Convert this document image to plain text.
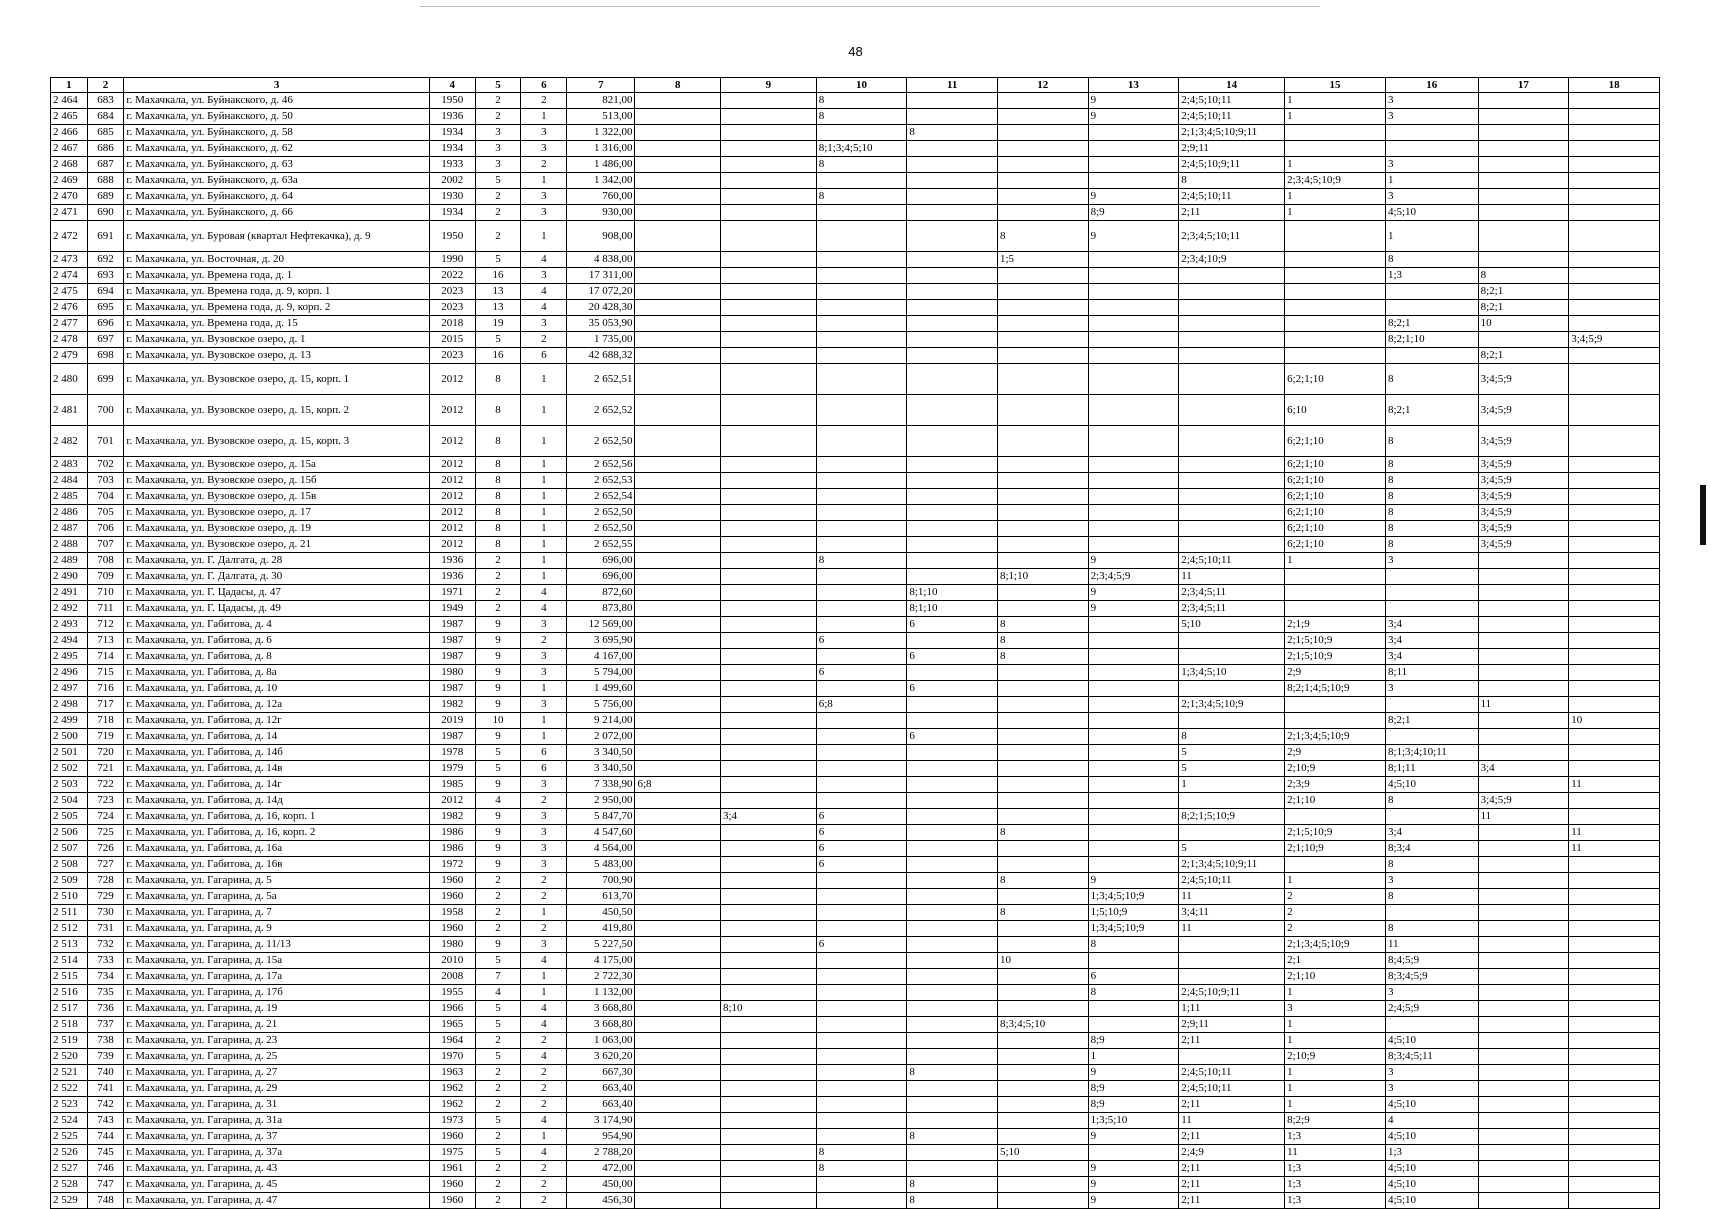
48
1	2	3	4	5	6	7	8	9	10	11	12	13	14	15	16	17	18
2 464	683	г. Махачкала, ул. Буйнакского, д. 46	1950	2	2	821,00			8			9	2;4;5;10;11	1	3		
2 465	684	г. Махачкала, ул. Буйнакского, д. 50	1936	2	1	513,00			8			9	2;4;5;10;11	1	3		
2 466	685	г. Махачкала, ул. Буйнакского, д. 58	1934	3	3	1 322,00				8			2;1;3;4;5;10;9;11				
2 467	686	г. Махачкала, ул. Буйнакского, д. 62	1934	3	3	1 316,00			8;1;3;4;5;10				2;9;11				
2 468	687	г. Махачкала, ул. Буйнакского, д. 63	1933	3	2	1 486,00			8				2;4;5;10;9;11	1	3		
2 469	688	г. Махачкала, ул. Буйнакского, д. 63а	2002	5	1	1 342,00							8	2;3;4;5;10;9	1		
2 470	689	г. Махачкала, ул. Буйнакского, д. 64	1930	2	3	760,00			8			9	2;4;5;10;11	1	3		
2 471	690	г. Махачкала, ул. Буйнакского, д. 66	1934	2	3	930,00						8;9	2;11	1	4;5;10		
2 472	691	г. Махачкала, ул. Буровая (квартал Нефтекачка), д. 9	1950	2	1	908,00					8	9	2;3;4;5;10;11		1		
2 473	692	г. Махачкала, ул. Восточная, д. 20	1990	5	4	4 838,00					1;5		2;3;4;10;9		8		
2 474	693	г. Махачкала, ул. Времена года, д. 1	2022	16	3	17 311,00									1;3	8	
2 475	694	г. Махачкала, ул. Времена года, д. 9, корп. 1	2023	13	4	17 072,20										8;2;1	
2 476	695	г. Махачкала, ул. Времена года, д. 9, корп. 2	2023	13	4	20 428,30										8;2;1	
2 477	696	г. Махачкала, ул. Времена года, д. 15	2018	19	3	35 053,90									8;2;1	10	
2 478	697	г. Махачкала, ул. Вузовское озеро, д. 1	2015	5	2	1 735,00									8;2;1;10		3;4;5;9
2 479	698	г. Махачкала, ул. Вузовское озеро, д. 13	2023	16	6	42 688,32										8;2;1	
2 480	699	г. Махачкала, ул. Вузовское озеро, д. 15, корп. 1	2012	8	1	2 652,51								6;2;1;10	8	3;4;5;9	
2 481	700	г. Махачкала, ул. Вузовское озеро, д. 15, корп. 2	2012	8	1	2 652,52								6;10	8;2;1	3;4;5;9	
2 482	701	г. Махачкала, ул. Вузовское озеро, д. 15, корп. 3	2012	8	1	2 652,50								6;2;1;10	8	3;4;5;9	
2 483	702	г. Махачкала, ул. Вузовское озеро, д. 15а	2012	8	1	2 652,56								6;2;1;10	8	3;4;5;9	
2 484	703	г. Махачкала, ул. Вузовское озеро, д. 15б	2012	8	1	2 652,53								6;2;1;10	8	3;4;5;9	
2 485	704	г. Махачкала, ул. Вузовское озеро, д. 15в	2012	8	1	2 652,54								6;2;1;10	8	3;4;5;9	
2 486	705	г. Махачкала, ул. Вузовское озеро, д. 17	2012	8	1	2 652,50								6;2;1;10	8	3;4;5;9	
2 487	706	г. Махачкала, ул. Вузовское озеро, д. 19	2012	8	1	2 652,50								6;2;1;10	8	3;4;5;9	
2 488	707	г. Махачкала, ул. Вузовское озеро, д. 21	2012	8	1	2 652,55								6;2;1;10	8	3;4;5;9	
2 489	708	г. Махачкала, ул. Г. Далгата, д. 28	1936	2	1	696,00			8			9	2;4;5;10;11	1	3		
2 490	709	г. Махачкала, ул. Г. Далгата, д. 30	1936	2	1	696,00					8;1;10	2;3;4;5;9	11				
2 491	710	г. Махачкала, ул. Г. Цадасы, д. 47	1971	2	4	872,60				8;1;10		9	2;3;4;5;11				
2 492	711	г. Махачкала, ул. Г. Цадасы, д. 49	1949	2	4	873,80				8;1;10		9	2;3;4;5;11				
2 493	712	г. Махачкала, ул. Габитова, д. 4	1987	9	3	12 569,00				6	8		5;10	2;1;9	3;4		
2 494	713	г. Махачкала, ул. Габитова, д. 6	1987	9	2	3 695,90			6		8			2;1;5;10;9	3;4		
2 495	714	г. Махачкала, ул. Габитова, д. 8	1987	9	3	4 167,00				6	8			2;1;5;10;9	3;4		
2 496	715	г. Махачкала, ул. Габитова, д. 8а	1980	9	3	5 794,00			6				1;3;4;5;10	2;9	8;11		
2 497	716	г. Махачкала, ул. Габитова, д. 10	1987	9	1	1 499,60				6				8;2;1;4;5;10;9	3		
2 498	717	г. Махачкала, ул. Габитова, д. 12а	1982	9	3	5 756,00			6;8				2;1;3;4;5;10;9			11	
2 499	718	г. Махачкала, ул. Габитова, д. 12г	2019	10	1	9 214,00									8;2;1		10
2 500	719	г. Махачкала, ул. Габитова, д. 14	1987	9	1	2 072,00				6			8	2;1;3;4;5;10;9			
2 501	720	г. Махачкала, ул. Габитова, д. 14б	1978	5	6	3 340,50							5	2;9	8;1;3;4;10;11		
2 502	721	г. Махачкала, ул. Габитова, д. 14в	1979	5	6	3 340,50							5	2;10;9	8;1;11	3;4	
2 503	722	г. Махачкала, ул. Габитова, д. 14г	1985	9	3	7 338,90	6;8						1	2;3;9	4;5;10		11
2 504	723	г. Махачкала, ул. Габитова, д. 14д	2012	4	2	2 950,00								2;1;10	8	3;4;5;9	
2 505	724	г. Махачкала, ул. Габитова, д. 16, корп. 1	1982	9	3	5 847,70		3;4	6				8;2;1;5;10;9			11	
2 506	725	г. Махачкала, ул. Габитова, д. 16, корп. 2	1986	9	3	4 547,60			6		8			2;1;5;10;9	3;4		11
2 507	726	г. Махачкала, ул. Габитова, д. 16а	1986	9	3	4 564,00			6				5	2;1;10;9	8;3;4		11
2 508	727	г. Махачкала, ул. Габитова, д. 16в	1972	9	3	5 483,00			6				2;1;3;4;5;10;9;11		8		
2 509	728	г. Махачкала, ул. Гагарина, д. 5	1960	2	2	700,90					8	9	2;4;5;10;11	1	3		
2 510	729	г. Махачкала, ул. Гагарина, д. 5а	1960	2	2	613,70						1;3;4;5;10;9	11	2	8		
2 511	730	г. Махачкала, ул. Гагарина, д. 7	1958	2	1	450,50					8	1;5;10;9	3;4;11	2			
2 512	731	г. Махачкала, ул. Гагарина, д. 9	1960	2	2	419,80						1;3;4;5;10;9	11	2	8		
2 513	732	г. Махачкала, ул. Гагарина, д. 11/13	1980	9	3	5 227,50			6			8		2;1;3;4;5;10;9	11		
2 514	733	г. Махачкала, ул. Гагарина, д. 15а	2010	5	4	4 175,00					10			2;1	8;4;5;9		
2 515	734	г. Махачкала, ул. Гагарина, д. 17а	2008	7	1	2 722,30						6		2;1;10	8;3;4;5;9		
2 516	735	г. Махачкала, ул. Гагарина, д. 17б	1955	4	1	1 132,00						8	2;4;5;10;9;11	1	3		
2 517	736	г. Махачкала, ул. Гагарина, д. 19	1966	5	4	3 668,80		8;10					1;11	3	2;4;5;9		
2 518	737	г. Махачкала, ул. Гагарина, д. 21	1965	5	4	3 668,80					8;3;4;5;10		2;9;11	1			
2 519	738	г. Махачкала, ул. Гагарина, д. 23	1964	2	2	1 063,00						8;9	2;11	1	4;5;10		
2 520	739	г. Махачкала, ул. Гагарина, д. 25	1970	5	4	3 620,20						1		2;10;9	8;3;4;5;11		
2 521	740	г. Махачкала, ул. Гагарина, д. 27	1963	2	2	667,30				8		9	2;4;5;10;11	1	3		
2 522	741	г. Махачкала, ул. Гагарина, д. 29	1962	2	2	663,40						8;9	2;4;5;10;11	1	3		
2 523	742	г. Махачкала, ул. Гагарина, д. 31	1962	2	2	663,40						8;9	2;11	1	4;5;10		
2 524	743	г. Махачкала, ул. Гагарина, д. 31а	1973	5	4	3 174,90						1;3;5;10	11	8;2;9	4		
2 525	744	г. Махачкала, ул. Гагарина, д. 37	1960	2	1	954,90				8		9	2;11	1;3	4;5;10		
2 526	745	г. Махачкала, ул. Гагарина, д. 37а	1975	5	4	2 788,20			8		5;10		2;4;9	11	1;3		
2 527	746	г. Махачкала, ул. Гагарина, д. 43	1961	2	2	472,00			8			9	2;11	1;3	4;5;10		
2 528	747	г. Махачкала, ул. Гагарина, д. 45	1960	2	2	450,00				8		9	2;11	1;3	4;5;10		
2 529	748	г. Махачкала, ул. Гагарина, д. 47	1960	2	2	456,30				8		9	2;11	1;3	4;5;10		
